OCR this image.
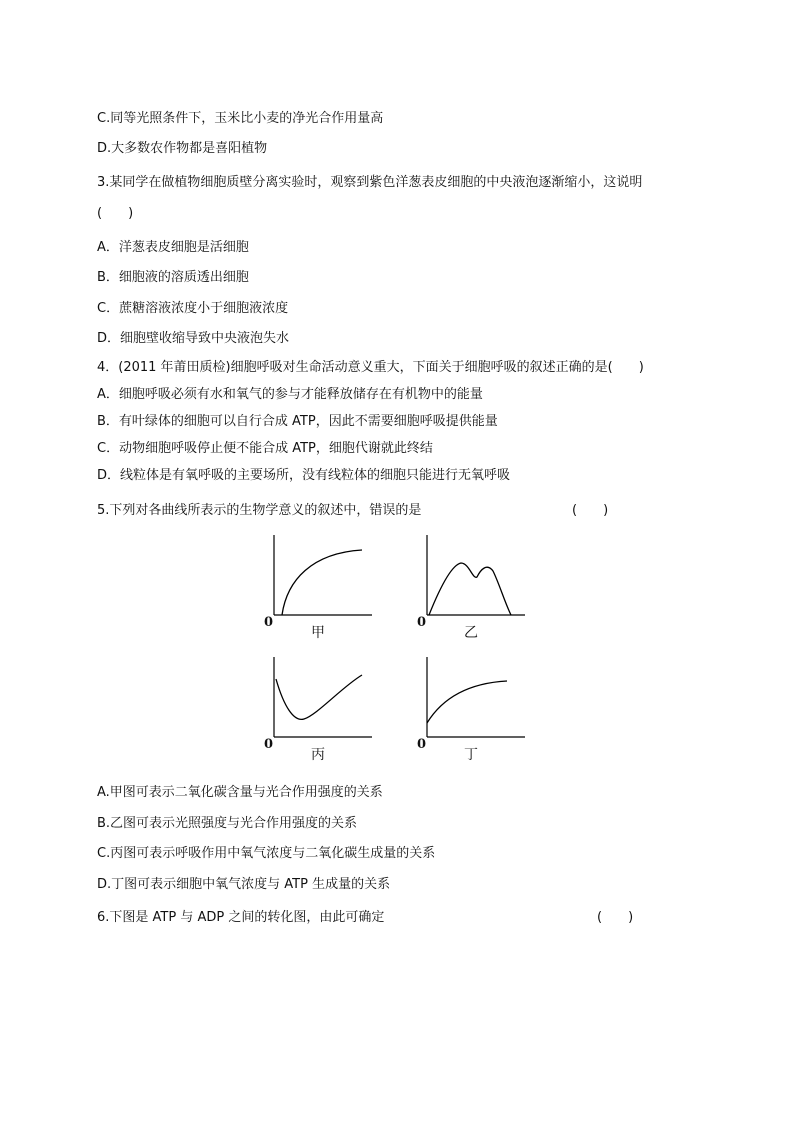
C.同等光照条件下，玉米比小麦的净光合作用量高
D.大多数农作物都是喜阳植物
3.某同学在做植物细胞质壁分离实验时，观察到紫色洋葱表皮细胞的中央液泡逐渐缩小，这说明
(　　)
A．洋葱表皮细胞是活细胞
B．细胞液的溶质透出细胞
C．蔗糖溶液浓度小于细胞液浓度
D．细胞壁收缩导致中央液泡失水
4．(2011 年莆田质检)细胞呼吸对生命活动意义重大，下面关于细胞呼吸的叙述正确的是(　　)
A．细胞呼吸必须有水和氧气的参与才能释放储存在有机物中的能量
B．有叶绿体的细胞可以自行合成 ATP，因此不需要细胞呼吸提供能量
C．动物细胞呼吸停止便不能合成 ATP，细胞代谢就此终结
D．线粒体是有氧呼吸的主要场所，没有线粒体的细胞只能进行无氧呼吸
5.下列对各曲线所表示的生物学意义的叙述中，错误的是	(　　)
0
甲
0
乙
0
丙
0
丁
A.甲图可表示二氧化碳含量与光合作用强度的关系
B.乙图可表示光照强度与光合作用强度的关系
C.丙图可表示呼吸作用中氧气浓度与二氧化碳生成量的关系
D.丁图可表示细胞中氧气浓度与 ATP 生成量的关系
6.下图是 ATP 与 ADP 之间的转化图，由此可确定	(　　)
